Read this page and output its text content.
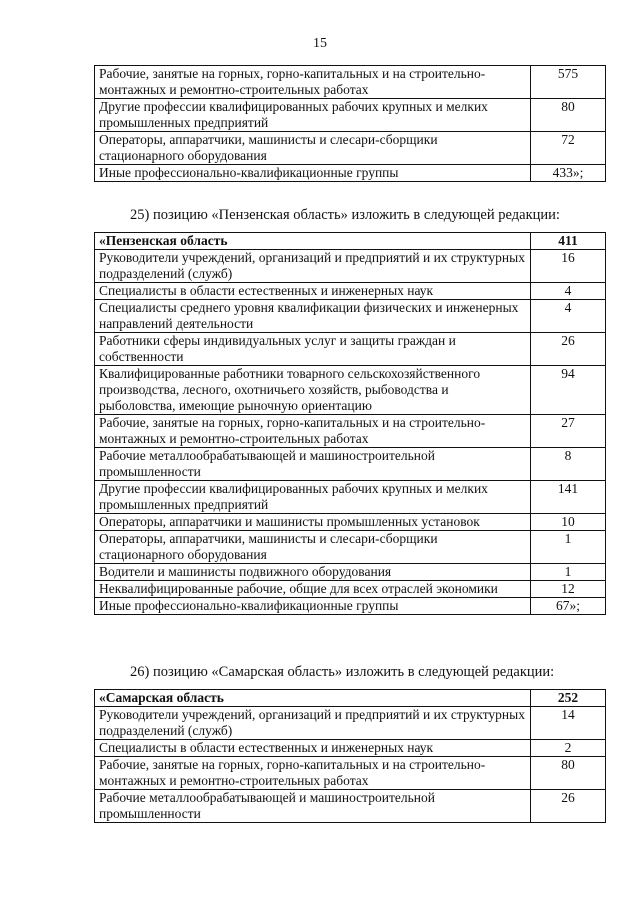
15
Рабочие, занятые на горных, горно-капитальных и на строительно-монтажных и ремонтно-строительных работах	575
Другие профессии квалифицированных рабочих крупных и мелких промышленных предприятий	80
Операторы, аппаратчики, машинисты и слесари-сборщики стационарного оборудования	72
Иные профессионально-квалификационные группы	433»;
25) позицию «Пензенская область» изложить в следующей редакции:
«Пензенская область	411
Руководители учреждений, организаций и предприятий и их структурных подразделений (служб)	16
Специалисты в области естественных и инженерных наук	4
Специалисты среднего уровня квалификации физических и инженерных направлений деятельности	4
Работники сферы индивидуальных услуг и защиты граждан и собственности	26
Квалифицированные работники товарного сельскохозяйственного производства, лесного, охотничьего хозяйств, рыбоводства и рыболовства, имеющие рыночную ориентацию	94
Рабочие, занятые на горных, горно-капитальных и на строительно-монтажных и ремонтно-строительных работах	27
Рабочие металлообрабатывающей и машиностроительной промышленности	8
Другие профессии квалифицированных рабочих крупных и мелких промышленных предприятий	141
Операторы, аппаратчики и машинисты промышленных установок	10
Операторы, аппаратчики, машинисты и слесари-сборщики стационарного оборудования	1
Водители и машинисты подвижного оборудования	1
Неквалифицированные рабочие, общие для всех отраслей экономики	12
Иные профессионально-квалификационные группы	67»;
26) позицию «Самарская область» изложить в следующей редакции:
«Самарская область	252
Руководители учреждений, организаций и предприятий и их структурных подразделений (служб)	14
Специалисты в области естественных и инженерных наук	2
Рабочие, занятые на горных, горно-капитальных и на строительно-монтажных и ремонтно-строительных работах	80
Рабочие металлообрабатывающей и машиностроительной промышленности	26
